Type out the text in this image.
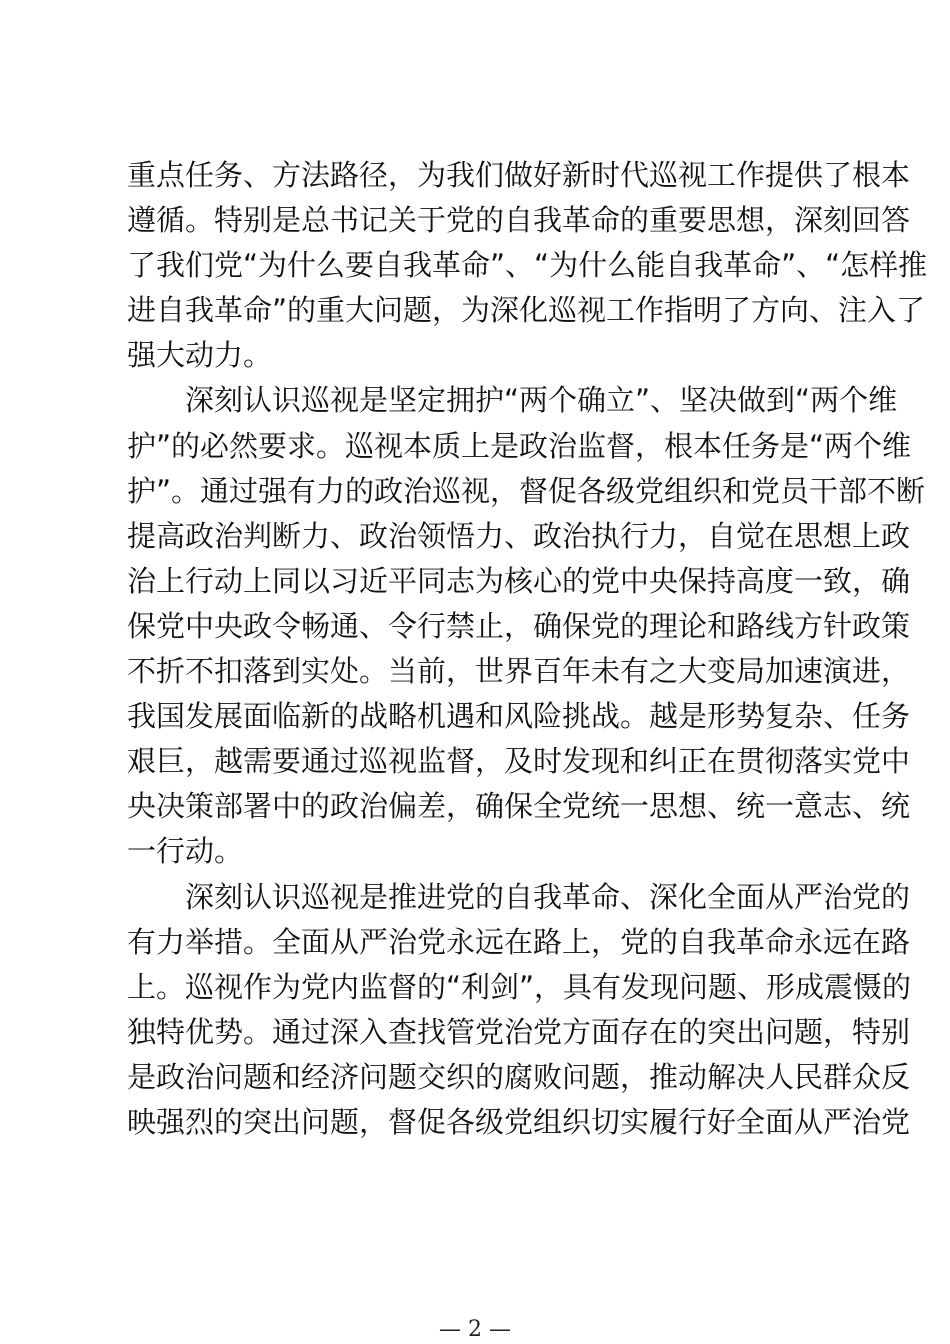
重点任务、方法路径，为我们做好新时代巡视工作提供了根本
遵循。特别是总书记关于党的自我革命的重要思想，深刻回答
了我们党“为什么要自我革命”、“为什么能自我革命”、“怎样推
进自我革命”的重大问题，为深化巡视工作指明了方向、注入了
强大动力。
　　深刻认识巡视是坚定拥护“两个确立”、坚决做到“两个维
护”的必然要求。巡视本质上是政治监督，根本任务是“两个维
护”。通过强有力的政治巡视，督促各级党组织和党员干部不断
提高政治判断力、政治领悟力、政治执行力，自觉在思想上政
治上行动上同以习近平同志为核心的党中央保持高度一致，确
保党中央政令畅通、令行禁止，确保党的理论和路线方针政策
不折不扣落到实处。当前，世界百年未有之大变局加速演进，
我国发展面临新的战略机遇和风险挑战。越是形势复杂、任务
艰巨，越需要通过巡视监督，及时发现和纠正在贯彻落实党中
央决策部署中的政治偏差，确保全党统一思想、统一意志、统
一行动。
　　深刻认识巡视是推进党的自我革命、深化全面从严治党的
有力举措。全面从严治党永远在路上，党的自我革命永远在路
上。巡视作为党内监督的“利剑”，具有发现问题、形成震慑的
独特优势。通过深入查找管党治党方面存在的突出问题，特别
是政治问题和经济问题交织的腐败问题，推动解决人民群众反
映强烈的突出问题，督促各级党组织切实履行好全面从严治党
— 2 —
